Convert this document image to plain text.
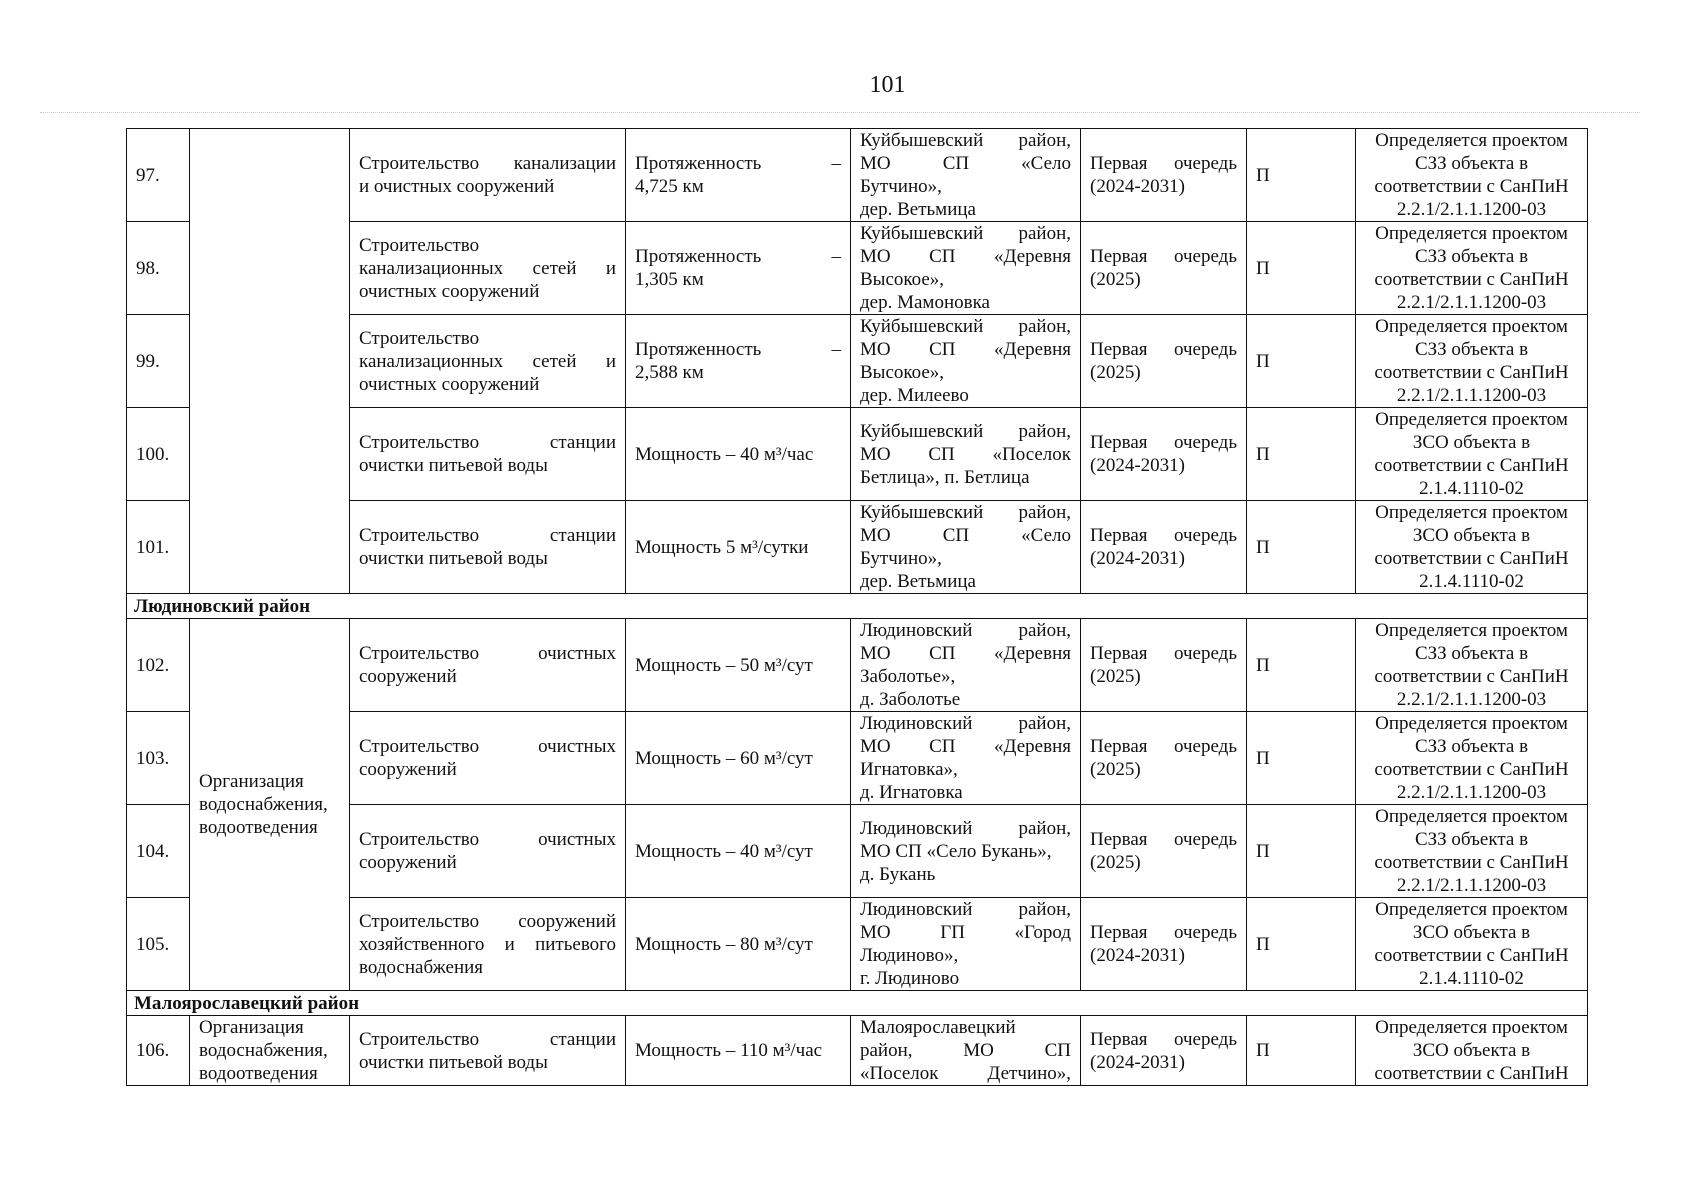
101
97.		Строительство канализации
и очистных сооружений	Протяженность –
4,725 км	Куйбышевский район,
МО СП «Село
Бутчино»,
дер. Ветьмица	Первая очередь
(2024-2031)	П	Определяется проектом
СЗЗ объекта в
соответствии с СанПиН
2.2.1/2.1.1.1200-03

98.		Строительство
канализационных сетей и
очистных сооружений	Протяженность –
1,305 км	Куйбышевский район,
МО СП «Деревня
Высокое»,
дер. Мамоновка	Первая очередь
(2025)	П	Определяется проектом
СЗЗ объекта в
соответствии с СанПиН
2.2.1/2.1.1.1200-03

99.		Строительство
канализационных сетей и
очистных сооружений	Протяженность –
2,588 км	Куйбышевский район,
МО СП «Деревня
Высокое»,
дер. Милеево	Первая очередь
(2025)	П	Определяется проектом
СЗЗ объекта в
соответствии с СанПиН
2.2.1/2.1.1.1200-03

100.		Строительство станции
очистки питьевой воды	Мощность – 40 м³/час	Куйбышевский район,
МО СП «Поселок
Бетлица», п. Бетлица	Первая очередь
(2024-2031)	П	Определяется проектом
ЗСО объекта в
соответствии с СанПиН
2.1.4.1110-02

101.		Строительство станции
очистки питьевой воды	Мощность 5 м³/сутки	Куйбышевский район,
МО СП «Село
Бутчино»,
дер. Ветьмица	Первая очередь
(2024-2031)	П	Определяется проектом
ЗСО объекта в
соответствии с СанПиН
2.1.4.1110-02

Людиновский район							
102.	Организация
водоснабжения,
водоотведения	Строительство очистных
сооружений	Мощность – 50 м³/сут	Людиновский район,
МО СП «Деревня
Заболотье»,
д. Заболотье	Первая очередь
(2025)	П	Определяется проектом
СЗЗ объекта в
соответствии с СанПиН
2.2.1/2.1.1.1200-03

103.		Строительство очистных
сооружений	Мощность – 60 м³/сут	Людиновский район,
МО СП «Деревня
Игнатовка»,
д. Игнатовка	Первая очередь
(2025)	П	Определяется проектом
СЗЗ объекта в
соответствии с СанПиН
2.2.1/2.1.1.1200-03

104.		Строительство очистных
сооружений	Мощность – 40 м³/сут	Людиновский район,
МО СП «Село Букань»,
д. Букань	Первая очередь
(2025)	П	Определяется проектом
СЗЗ объекта в
соответствии с СанПиН
2.2.1/2.1.1.1200-03

105.		Строительство сооружений
хозяйственного и питьевого
водоснабжения	Мощность – 80 м³/сут	Людиновский район,
МО ГП «Город
Людиново»,
г. Людиново	Первая очередь
(2024-2031)	П	Определяется проектом
ЗСО объекта в
соответствии с СанПиН
2.1.4.1110-02

Малоярославецкий район							
106.	Организация
водоснабжения,
водоотведения	Строительство станции
очистки питьевой воды	Мощность – 110 м³/час	Малоярославецкий
район, МО СП
«Поселок Детчино»,	Первая очередь
(2024-2031)	П	Определяется проектом
ЗСО объекта в
соответствии с СанПиН
